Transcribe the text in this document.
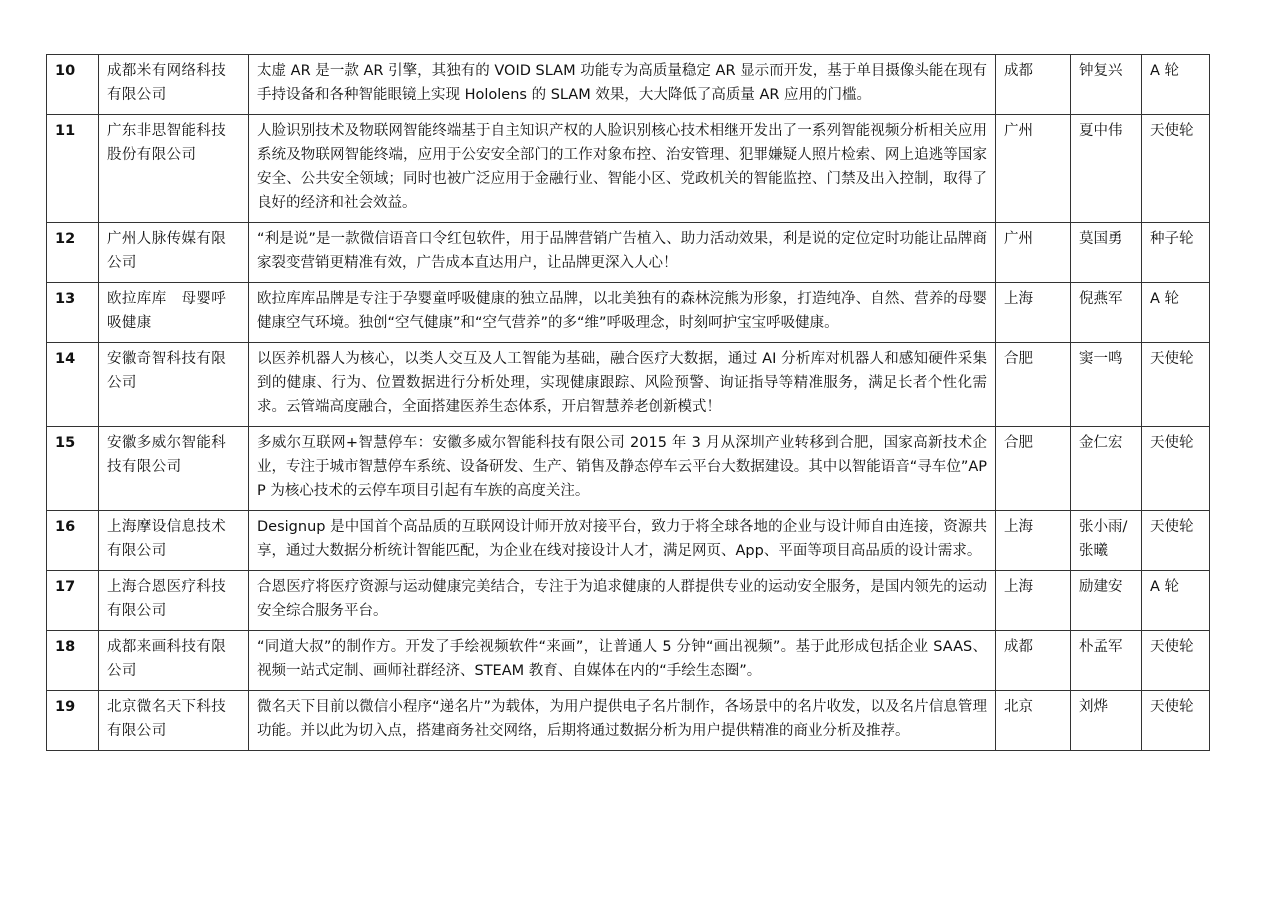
10	成都米有网络科技有限公司	太虚 AR 是一款 AR 引擎，其独有的 VOID SLAM 功能专为高质量稳定 AR 显示而开发，基于单目摄像头能在现有手持设备和各种智能眼镜上实现 Hololens 的 SLAM 效果，大大降低了高质量 AR 应用的门槛。	成都	钟复兴	A 轮
11	广东非思智能科技股份有限公司	人脸识别技术及物联网智能终端基于自主知识产权的人脸识别核心技术相继开发出了一系列智能视频分析相关应用系统及物联网智能终端，应用于公安安全部门的工作对象布控、治安管理、犯罪嫌疑人照片检索、网上追逃等国家安全、公共安全领域；同时也被广泛应用于金融行业、智能小区、党政机关的智能监控、门禁及出入控制，取得了良好的经济和社会效益。	广州	夏中伟	天使轮
12	广州人脉传媒有限公司	“利是说”是一款微信语音口令红包软件，用于品牌营销广告植入、助力活动效果，利是说的定位定时功能让品牌商家裂变营销更精准有效，广告成本直达用户，让品牌更深入人心！	广州	莫国勇	种子轮
13	欧拉库库　母婴呼吸健康	欧拉库库品牌是专注于孕婴童呼吸健康的独立品牌，以北美独有的森林浣熊为形象，打造纯净、自然、营养的母婴健康空气环境。独创“空气健康”和“空气营养”的多“维”呼吸理念，时刻呵护宝宝呼吸健康。	上海	倪燕军	A 轮
14	安徽奇智科技有限公司	以医养机器人为核心，以类人交互及人工智能为基础，融合医疗大数据，通过 AI 分析库对机器人和感知硬件采集到的健康、行为、位置数据进行分析处理，实现健康跟踪、风险预警、询证指导等精准服务，满足长者个性化需求。云管端高度融合，全面搭建医养生态体系，开启智慧养老创新模式！	合肥	窦一鸣	天使轮
15	安徽多威尔智能科技有限公司	多威尔互联网+智慧停车：安徽多威尔智能科技有限公司 2015 年 3 月从深圳产业转移到合肥，国家高新技术企业，专注于城市智慧停车系统、设备研发、生产、销售及静态停车云平台大数据建设。其中以智能语音“寻车位”APP 为核心技术的云停车项目引起有车族的高度关注。	合肥	金仁宏	天使轮
16	上海摩设信息技术有限公司	Designup 是中国首个高品质的互联网设计师开放对接平台，致力于将全球各地的企业与设计师自由连接，资源共享，通过大数据分析统计智能匹配，为企业在线对接设计人才，满足网页、App、平面等项目高品质的设计需求。	上海	张小雨/张曦	天使轮
17	上海合恩医疗科技有限公司	合恩医疗将医疗资源与运动健康完美结合，专注于为追求健康的人群提供专业的运动安全服务，是国内领先的运动安全综合服务平台。	上海	励建安	A 轮
18	成都来画科技有限公司	“同道大叔”的制作方。开发了手绘视频软件“来画”，让普通人 5 分钟“画出视频”。基于此形成包括企业 SAAS、视频一站式定制、画师社群经济、STEAM 教育、自媒体在内的“手绘生态圈”。	成都	朴孟军	天使轮
19	北京微名天下科技有限公司	微名天下目前以微信小程序“递名片”为载体，为用户提供电子名片制作，各场景中的名片收发，以及名片信息管理功能。并以此为切入点，搭建商务社交网络，后期将通过数据分析为用户提供精准的商业分析及推荐。	北京	刘烨	天使轮
